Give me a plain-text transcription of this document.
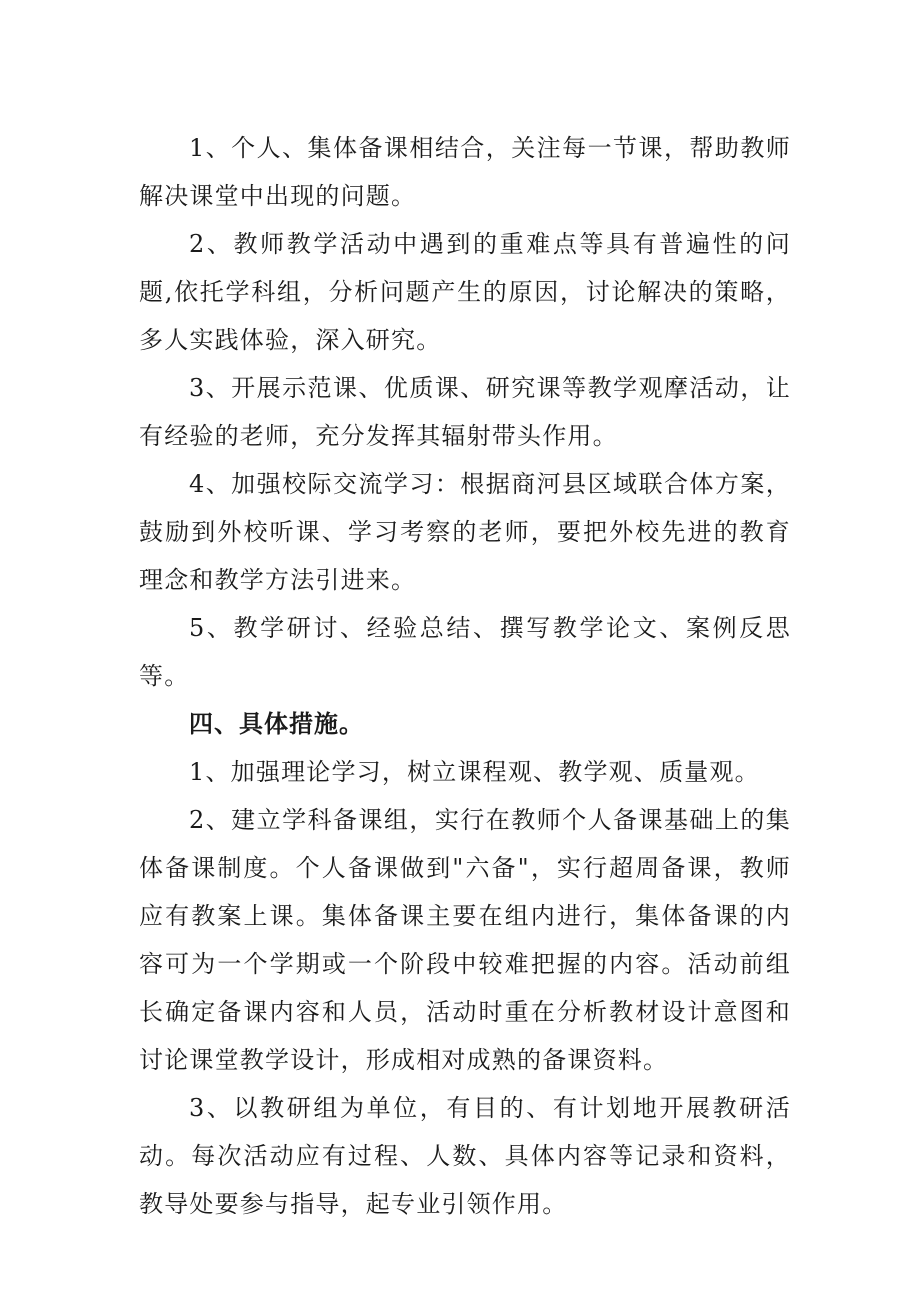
1、个人、集体备课相结合，关注每一节课，帮助教师解决课堂中出现的问题。

2、教师教学活动中遇到的重难点等具有普遍性的问题,依托学科组，分析问题产生的原因，讨论解决的策略，多人实践体验，深入研究。

3、开展示范课、优质课、研究课等教学观摩活动，让有经验的老师，充分发挥其辐射带头作用。

4、加强校际交流学习：根据商河县区域联合体方案，鼓励到外校听课、学习考察的老师，要把外校先进的教育理念和教学方法引进来。

5、教学研讨、经验总结、撰写教学论文、案例反思等。

四、具体措施。

1、加强理论学习，树立课程观、教学观、质量观。

2、建立学科备课组，实行在教师个人备课基础上的集体备课制度。个人备课做到"六备"，实行超周备课，教师应有教案上课。集体备课主要在组内进行，集体备课的内容可为一个学期或一个阶段中较难把握的内容。活动前组长确定备课内容和人员，活动时重在分析教材设计意图和讨论课堂教学设计，形成相对成熟的备课资料。

3、以教研组为单位，有目的、有计划地开展教研活动。每次活动应有过程、人数、具体内容等记录和资料，教导处要参与指导，起专业引领作用。
